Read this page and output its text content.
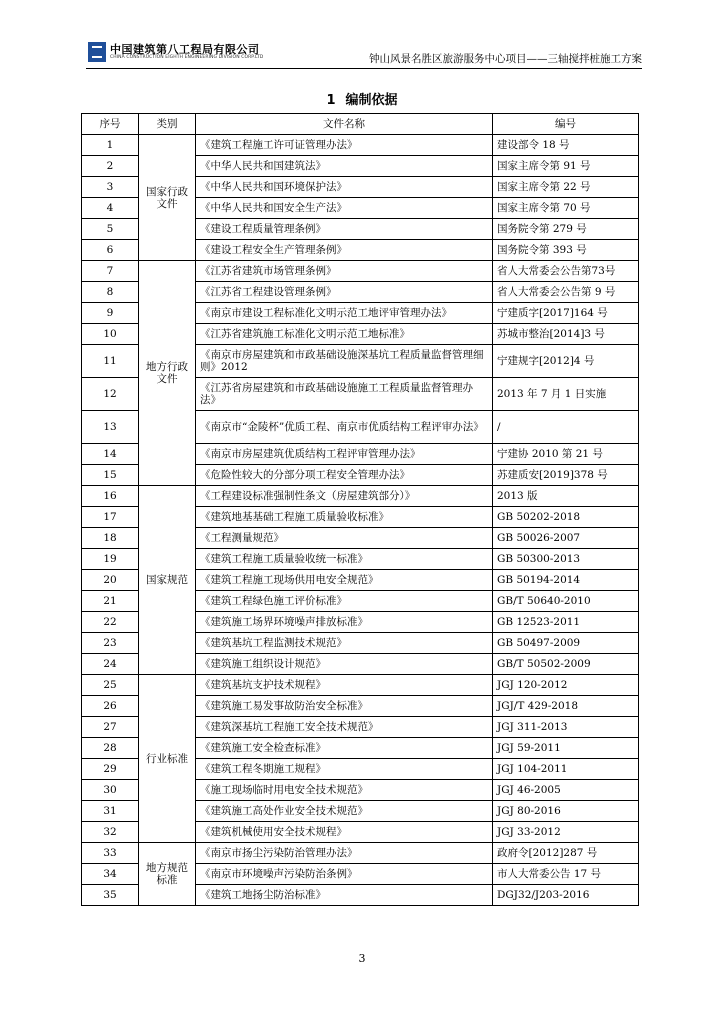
中国建筑第八工程局有限公司
CHINA CONSTRUCTION EIGHTH ENGINEERING DIVISION CORP.LTD	钟山风景名胜区旅游服务中心项目——三轴搅拌桩施工方案
1 编制依据
序号	类别	文件名称	编号
1	国家行政文件	《建筑工程施工许可证管理办法》	建设部令 18 号
2		《中华人民共和国建筑法》	国家主席令第 91 号
3		《中华人民共和国环境保护法》	国家主席令第 22 号
4		《中华人民共和国安全生产法》	国家主席令第 70 号
5		《建设工程质量管理条例》	国务院令第 279 号
6		《建设工程安全生产管理条例》	国务院令第 393 号
7	地方行政文件	《江苏省建筑市场管理条例》	省人大常委会公告第73号
8		《江苏省工程建设管理条例》	省人大常委会公告第 9 号
9		《南京市建设工程标准化文明示范工地评审管理办法》	宁建质字[2017]164 号
10		《江苏省建筑施工标准化文明示范工地标准》	苏城市整治[2014]3 号
11		《南京市房屋建筑和市政基础设施深基坑工程质量监督管理细则》2012	宁建规字[2012]4 号
12		《江苏省房屋建筑和市政基础设施施工工程质量监督管理办法》	2013 年 7 月 1 日实施
13		《南京市“金陵杯”优质工程、南京市优质结构工程评审办法》	/
14		《南京市房屋建筑优质结构工程评审管理办法》	宁建协 2010 第 21 号
15		《危险性较大的分部分项工程安全管理办法》	苏建质安[2019]378 号
16	国家规范	《工程建设标准强制性条文（房屋建筑部分）》	2013 版
17		《建筑地基基础工程施工质量验收标准》	GB 50202-2018
18		《工程测量规范》	GB 50026-2007
19		《建筑工程施工质量验收统一标准》	GB 50300-2013
20		《建筑工程施工现场供用电安全规范》	GB 50194-2014
21		《建筑工程绿色施工评价标准》	GB/T 50640-2010
22		《建筑施工场界环境噪声排放标准》	GB 12523-2011
23		《建筑基坑工程监测技术规范》	GB 50497-2009
24		《建筑施工组织设计规范》	GB/T 50502-2009
25	行业标准	《建筑基坑支护技术规程》	JGJ 120-2012
26		《建筑施工易发事故防治安全标准》	JGJ/T 429-2018
27		《建筑深基坑工程施工安全技术规范》	JGJ 311-2013
28		《建筑施工安全检查标准》	JGJ 59-2011
29		《建筑工程冬期施工规程》	JGJ 104-2011
30		《施工现场临时用电安全技术规范》	JGJ 46-2005
31		《建筑施工高处作业安全技术规范》	JGJ 80-2016
32		《建筑机械使用安全技术规程》	JGJ 33-2012
33	地方规范标准	《南京市扬尘污染防治管理办法》	政府令[2012]287 号
34		《南京市环境噪声污染防治条例》	市人大常委公告 17 号
35		《建筑工地扬尘防治标准》	DGJ32/J203-2016
3
